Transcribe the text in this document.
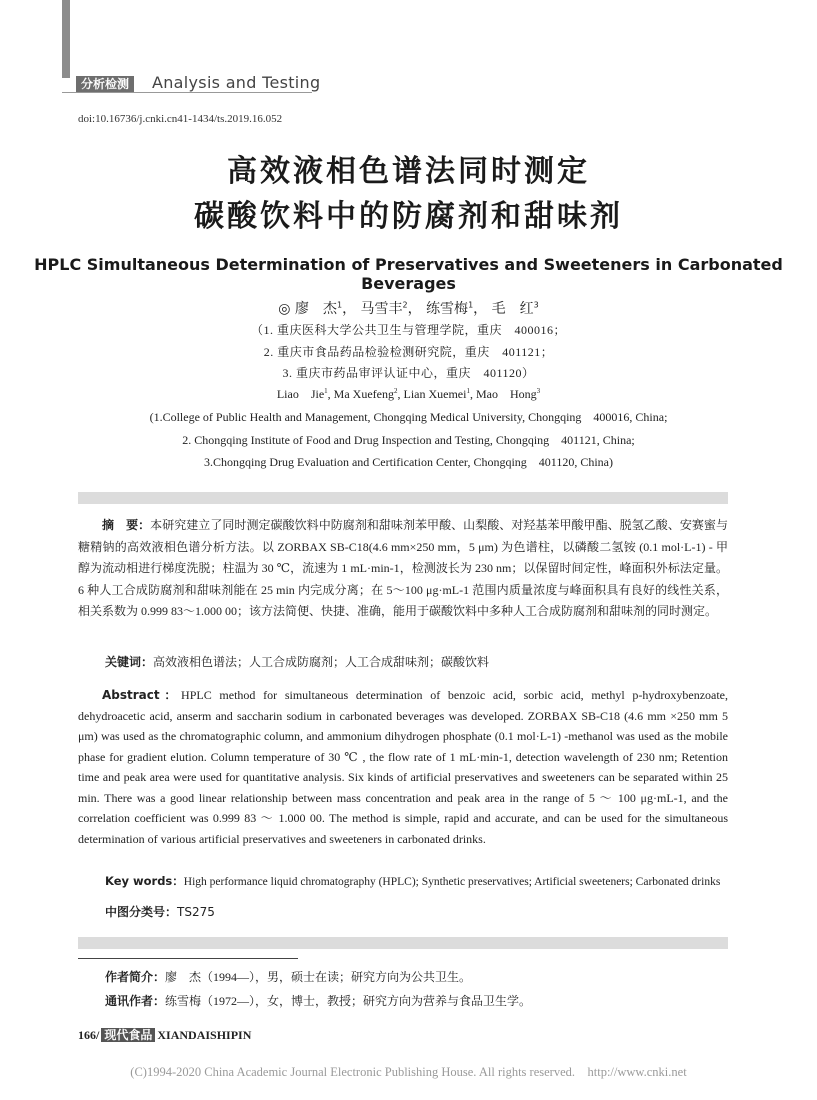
分析检测	Analysis and Testing
doi:10.16736/j.cnki.cn41-1434/ts.2019.16.052
高效液相色谱法同时测定
碳酸饮料中的防腐剂和甜味剂
HPLC Simultaneous Determination of Preservatives and Sweeteners in Carbonated Beverages
◎ 廖　杰$^1$， 马雪丰$^2$， 练雪梅$^1$， 毛　红$^3$
（1. 重庆医科大学公共卫生与管理学院，重庆　400016；
2. 重庆市食品药品检验检测研究院，重庆　401121；
3. 重庆市药品审评认证中心，重庆　401120）
Liao　Jie$^1$, Ma Xuefeng$^2$, Lian Xuemei$^1$, Mao　Hong$^3$
(1.College of Public Health and Management, Chongqing Medical University, Chongqing　400016, China;
2. Chongqing Institute of Food and Drug Inspection and Testing, Chongqing　401121, China;
3.Chongqing Drug Evaluation and Certification Center, Chongqing　401120, China)
摘　要：本研究建立了同时测定碳酸饮料中防腐剂和甜味剂苯甲酸、山梨酸、对羟基苯甲酸甲酯、脱氢乙酸、安赛蜜与糖精钠的高效液相色谱分析方法。以 ZORBAX SB-C18(4.6 mm×250 mm，5 μm) 为色谱柱，以磷酸二氢铵 (0.1 mol·L-1) - 甲醇为流动相进行梯度洗脱；柱温为 30 ℃，流速为 1 mL·min-1，检测波长为 230 nm；以保留时间定性，峰面积外标法定量。6 种人工合成防腐剂和甜味剂能在 25 min 内完成分离；在 5～100 μg·mL-1 范围内质量浓度与峰面积具有良好的线性关系，相关系数为 0.999 83～1.000 00；该方法简便、快捷、准确，能用于碳酸饮料中多种人工合成防腐剂和甜味剂的同时测定。
关键词：高效液相色谱法；人工合成防腐剂；人工合成甜味剂；碳酸饮料
Abstract：HPLC method for simultaneous determination of benzoic acid, sorbic acid, methyl p-hydroxybenzoate, dehydroacetic acid, anserm and saccharin sodium in carbonated beverages was developed. ZORBAX SB-C18 (4.6 mm ×250 mm 5 μm) was used as the chromatographic column, and ammonium dihydrogen phosphate (0.1 mol·L-1) -methanol was used as the mobile phase for gradient elution. Column temperature of 30 ℃ , the flow rate of 1 mL·min-1, detection wavelength of 230 nm; Retention time and peak area were used for quantitative analysis. Six kinds of artificial preservatives and sweeteners can be separated within 25 min. There was a good linear relationship between mass concentration and peak area in the range of 5 ～ 100 μg·mL-1, and the correlation coefficient was 0.999 83 ～ 1.000 00. The method is simple, rapid and accurate, and can be used for the simultaneous determination of various artificial preservatives and sweeteners in carbonated drinks.
Key words：High performance liquid chromatography (HPLC); Synthetic preservatives; Artificial sweeteners; Carbonated drinks
中图分类号：TS275
作者简介：廖　杰（1994—），男，硕士在读；研究方向为公共卫生。
通讯作者：练雪梅（1972—），女，博士，教授；研究方向为营养与食品卫生学。
166/ 现代食品 XIANDAISHIPIN
(C)1994-2020 China Academic Journal Electronic Publishing House. All rights reserved.　http://www.cnki.net
